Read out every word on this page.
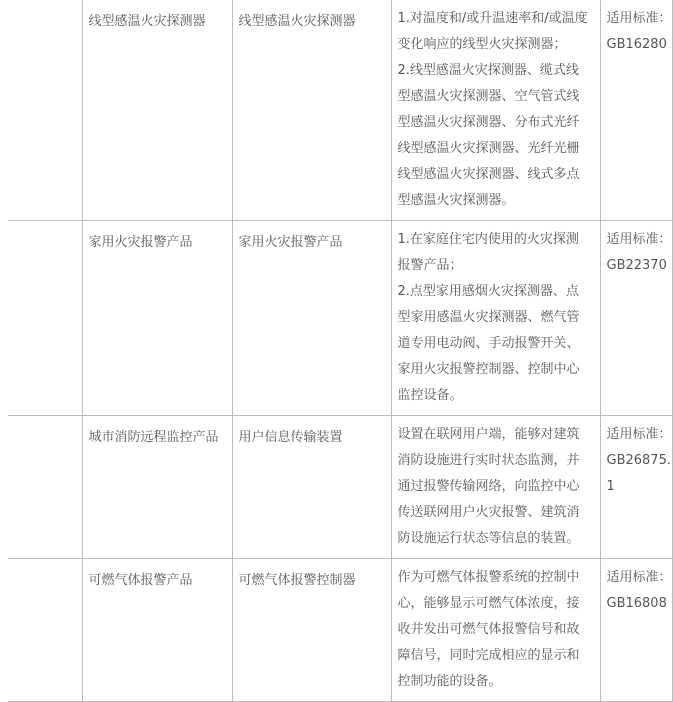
	线型感温火灾探测器	线型感温火灾探测器	1.对温度和/或升温速率和/或温度变化响应的线型火灾探测器；
2.线型感温火灾探测器、缆式线型感温火灾探测器、空气管式线型感温火灾探测器、分布式光纤线型感温火灾探测器、光纤光栅线型感温火灾探测器、线式多点型感温火灾探测器。	适用标准：
GB16280

	家用火灾报警产品	家用火灾报警产品	1.在家庭住宅内使用的火灾探测报警产品；
2.点型家用感烟火灾探测器、点型家用感温火灾探测器、燃气管道专用电动阀、手动报警开关、家用火灾报警控制器、控制中心监控设备。	适用标准：
GB22370

	城市消防远程监控产品	用户信息传输装置	设置在联网用户端，能够对建筑消防设施进行实时状态监测，并通过报警传输网络，向监控中心传送联网用户火灾报警、建筑消防设施运行状态等信息的装置。	适用标准：
GB26875.1

	可燃气体报警产品	可燃气体报警控制器	作为可燃气体报警系统的控制中心，能够显示可燃气体浓度，接收并发出可燃气体报警信号和故障信号，同时完成相应的显示和控制功能的设备。	适用标准：
GB16808
